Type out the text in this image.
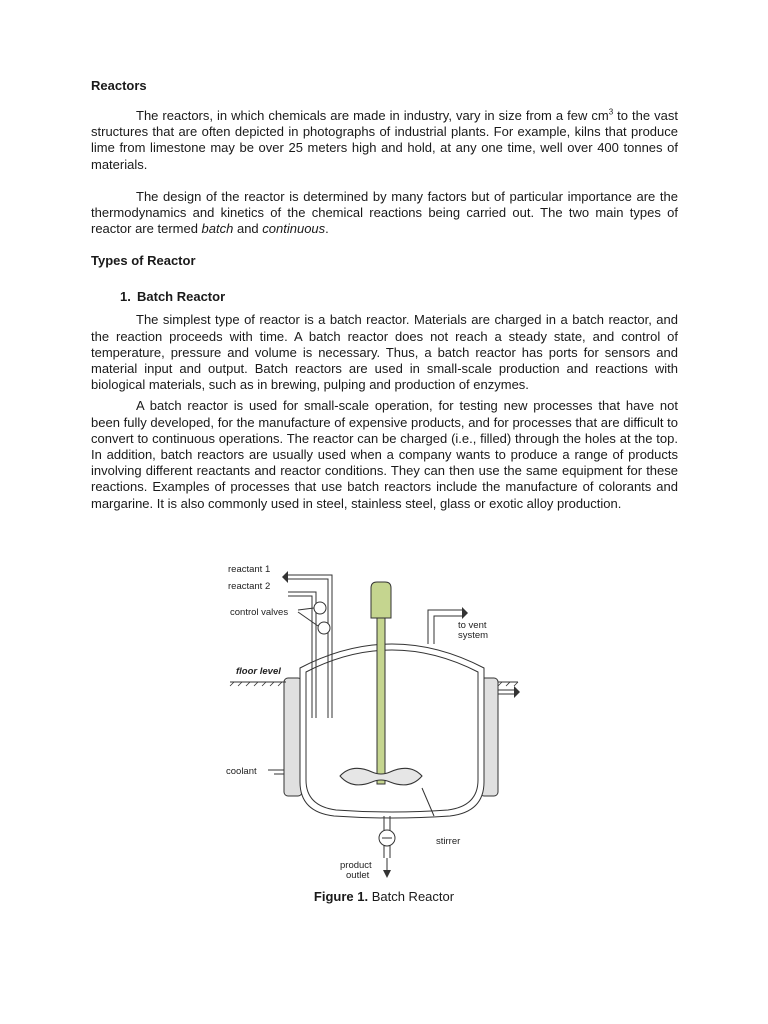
Reactors

The reactors, in which chemicals are made in industry, vary in size from a few $cm^3$ to the vast structures that are often depicted in photographs of industrial plants. For example, kilns that produce lime from limestone may be over 25 meters high and hold, at any one time, well over 400 tonnes of materials.

The design of the reactor is determined by many factors but of particular importance are the thermodynamics and kinetics of the chemical reactions being carried out. The two main types of reactor are termed batch and continuous.

Types of Reactor

1. Batch Reactor

The simplest type of reactor is a batch reactor. Materials are charged in a batch reactor, and the reaction proceeds with time. A batch reactor does not reach a steady state, and control of temperature, pressure and volume is necessary. Thus, a batch reactor has ports for sensors and material input and output. Batch reactors are used in small-scale production and reactions with biological materials, such as in brewing, pulping and production of enzymes.

A batch reactor is used for small-scale operation, for testing new processes that have not been fully developed, for the manufacture of expensive products, and for processes that are difficult to convert to continuous operations. The reactor can be charged (i.e., filled) through the holes at the top. In addition, batch reactors are usually used when a company wants to produce a range of products involving different reactants and reactor conditions. They can then use the same equipment for these reactions. Examples of processes that use batch reactors include the manufacture of colorants and margarine. It is also commonly used in steel, stainless steel, glass or exotic alloy production.

reactant 1
reactant 2
control valves
to vent
system
floor level
coolant
stirrer
product
outlet
Figure 1. Batch Reactor
